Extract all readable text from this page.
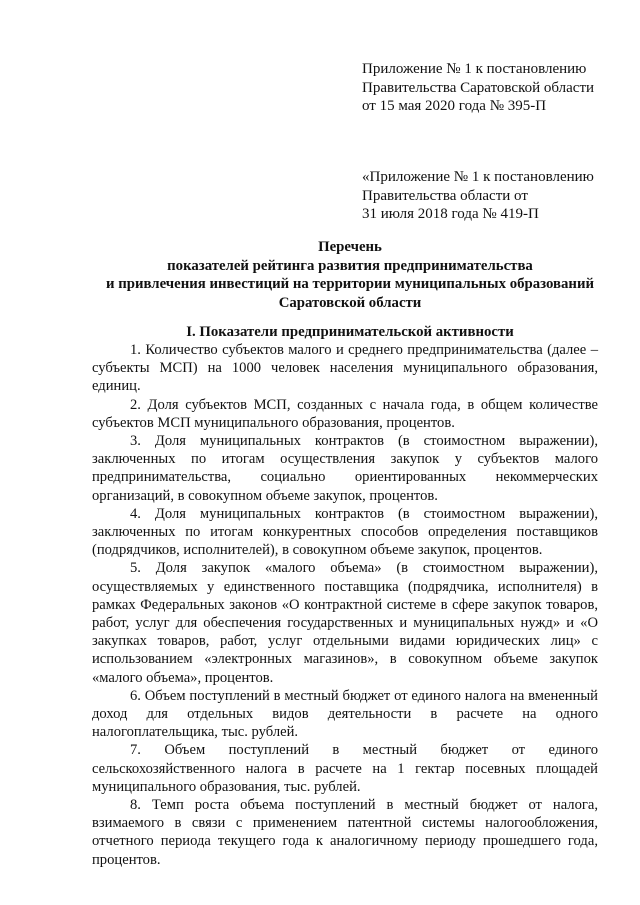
Приложение № 1 к постановлению
Правительства Саратовской области
от 15 мая 2020 года № 395-П
«Приложение № 1 к постановлению
Правительства области от
31 июля 2018 года № 419-П
Перечень
показателей рейтинга развития предпринимательства
и привлечения инвестиций на территории муниципальных образований
Саратовской области
I. Показатели предпринимательской активности

1. Количество субъектов малого и среднего предпринимательства (далее – субъекты МСП) на 1000 человек населения муниципального образования, единиц.

2. Доля субъектов МСП, созданных с начала года, в общем количестве субъектов МСП муниципального образования, процентов.

3. Доля муниципальных контрактов (в стоимостном выражении), заключенных по итогам осуществления закупок у субъектов малого предпринимательства, социально ориентированных некоммерческих организаций, в совокупном объеме закупок, процентов.

4. Доля муниципальных контрактов (в стоимостном выражении), заключенных по итогам конкурентных способов определения поставщиков (подрядчиков, исполнителей), в совокупном объеме закупок, процентов.

5. Доля закупок «малого объема» (в стоимостном выражении), осуществляемых у единственного поставщика (подрядчика, исполнителя) в рамках Федеральных законов «О контрактной системе в сфере закупок товаров, работ, услуг для обеспечения государственных и муниципальных нужд» и «О закупках товаров, работ, услуг отдельными видами юридических лиц» с использованием «электронных магазинов», в совокупном объеме закупок «малого объема», процентов.

6. Объем поступлений в местный бюджет от единого налога на вмененный доход для отдельных видов деятельности в расчете на одного налогоплательщика, тыс. рублей.

7. Объем поступлений в местный бюджет от единого сельскохозяйственного налога в расчете на 1 гектар посевных площадей муниципального образования, тыс. рублей.

8. Темп роста объема поступлений в местный бюджет от налога, взимаемого в связи с применением патентной системы налогообложения, отчетного периода текущего года к аналогичному периоду прошедшего года, процентов.
